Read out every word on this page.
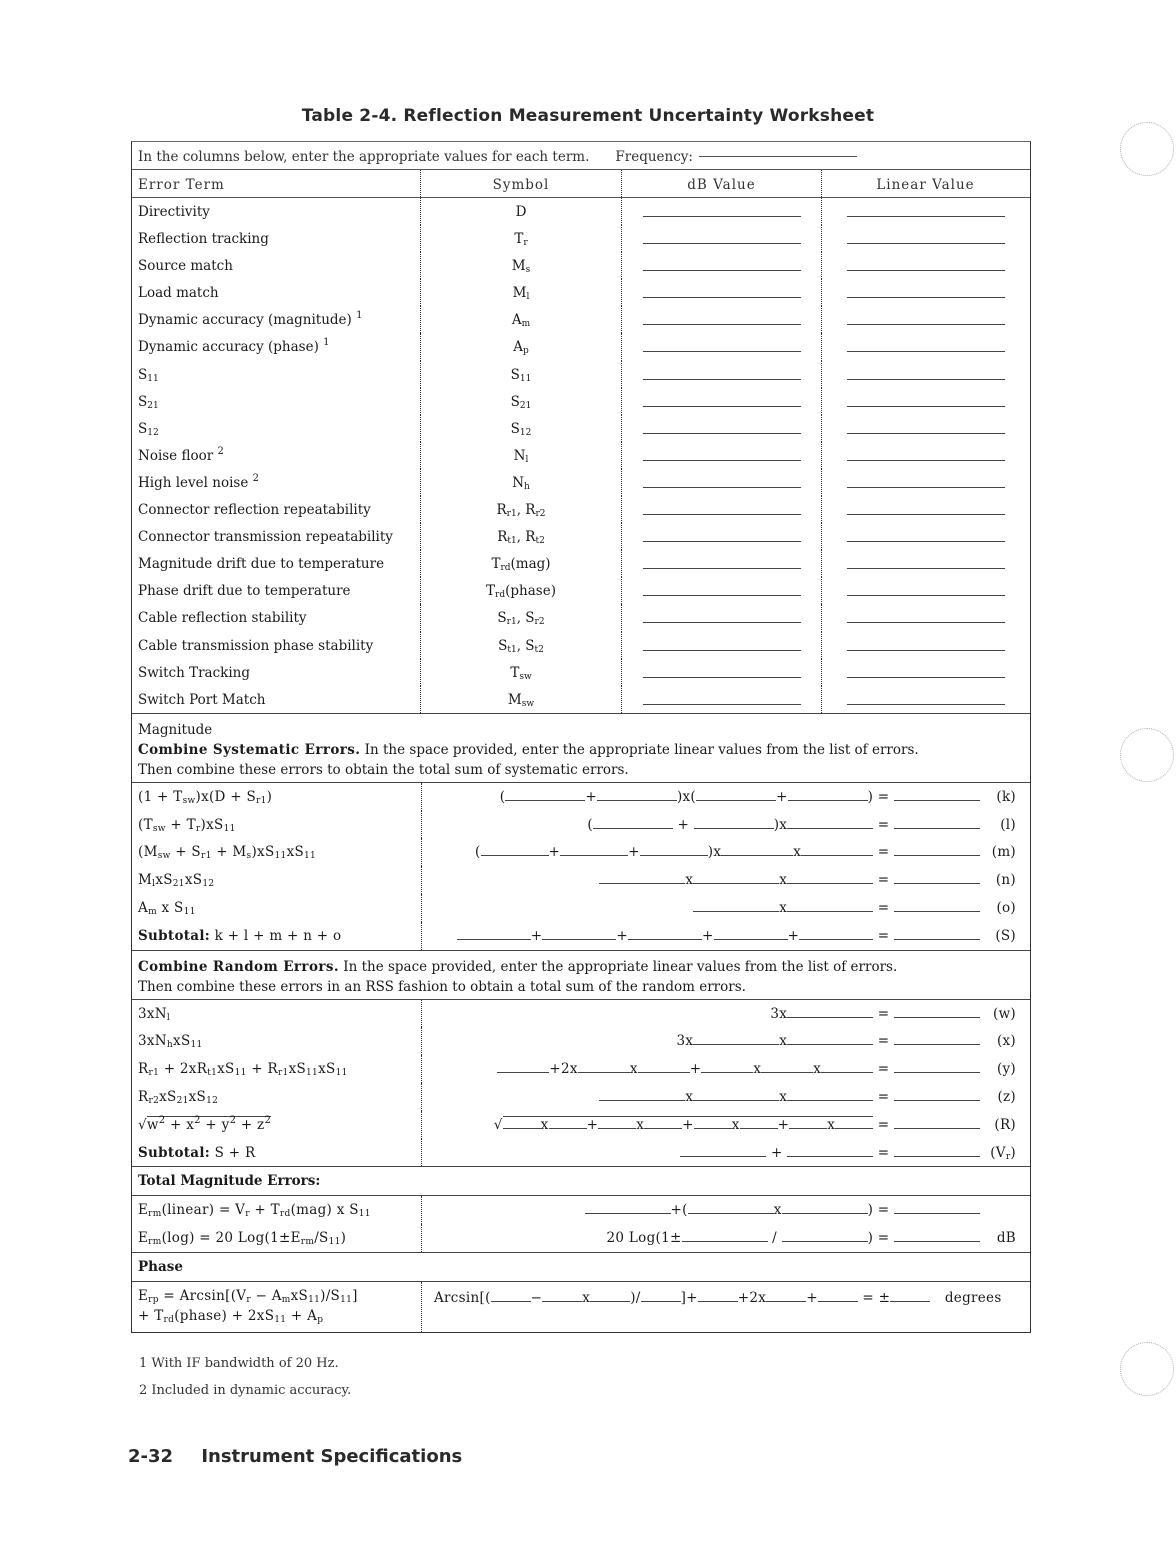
Table 2-4. Reflection Measurement Uncertainty Worksheet
In the columns below, enter the appropriate values for each term. Frequency:
Error Term	Symbol	dB Value	Linear Value
Directivity	D
Reflection tracking	$T_r$
Source match	$M_s$
Load match	$M_l$
Dynamic accuracy (magnitude) $^1$	$A_m$
Dynamic accuracy (phase) $^1$	$A_p$
$S_{11}$	$S_{11}$
$S_{21}$	$S_{21}$
$S_{12}$	$S_{12}$
Noise floor $^2$	$N_l$
High level noise $^2$	$N_h$
Connector reflection repeatability	$R_{r1}$, $R_{r2}$
Connector transmission repeatability	$R_{t1}$, $R_{t2}$
Magnitude drift due to temperature	$T_{rd}(mag)$
Phase drift due to temperature	$T_{rd}(phase)$
Cable reflection stability	$S_{r1}$, $S_{r2}$
Cable transmission phase stability	$S_{t1}$, $S_{t2}$
Switch Tracking	$T_{sw}$
Switch Port Match	$M_{sw}$
Magnitude
Combine Systematic Errors. In the space provided, enter the appropriate linear values from the list of errors.
Then combine these errors to obtain the total sum of systematic errors.
$(1 + T_{sw})x(D + S_{r1})$	(	+	)x(	+	) =	(k)
$(T_{sw} + T_r)xS_{11}$	(	+	)x	=	(l)
$(M_{sw} + S_{r1} + M_s)xS_{11}xS_{11}$	(	+	+	)x	x	=	(m)
$M_lxS_{21}xS_{12}$	x	x	=	(n)
$A_m$ x $S_{11}$	x	=	(o)
Subtotal: k + l + m + n + o	+	+	+	+	=	(S)
Combine Random Errors. In the space provided, enter the appropriate linear values from the list of errors.
Then combine these errors in an RSS fashion to obtain a total sum of the random errors.
$3xN_l$	3x	=	(w)
$3xN_hxS_{11}$	3x	x	=	(x)
$R_{r1} + 2xR_{t1}xS_{11} + R_{r1}xS_{11}xS_{11}$	+2x	x	+	x	x	=	(y)
$R_{r2}xS_{21}xS_{12}$	x	x	=	(z)
$√w^2 + x^2 + y^2 + z^2$	√	x	+	x	+	x	+	x	=	(R)
Subtotal: S + R	+	=	$(V_r)$
Total Magnitude Errors:
$E_{rm}(linear) = V_r + T_{rd}(mag)$ x $S_{11}$	+(	x	) =
$E_{rm}(\log) = 20$ $Log(1\pm E_{rm}/S_{11})$	20 Log(1±	/	) =	dB
Phase
$E_{rp} = Arcsin[(V_r - A_mxS_{11})/S_{11}]$
+ $T_{rd}(phase) + 2xS_{11} + A_p$
Arcsin[(	−	x	)/	]+	+2x	+	= ±	degrees
1 With IF bandwidth of 20 Hz.
2 Included in dynamic accuracy.
2-32 Instrument Specifications
